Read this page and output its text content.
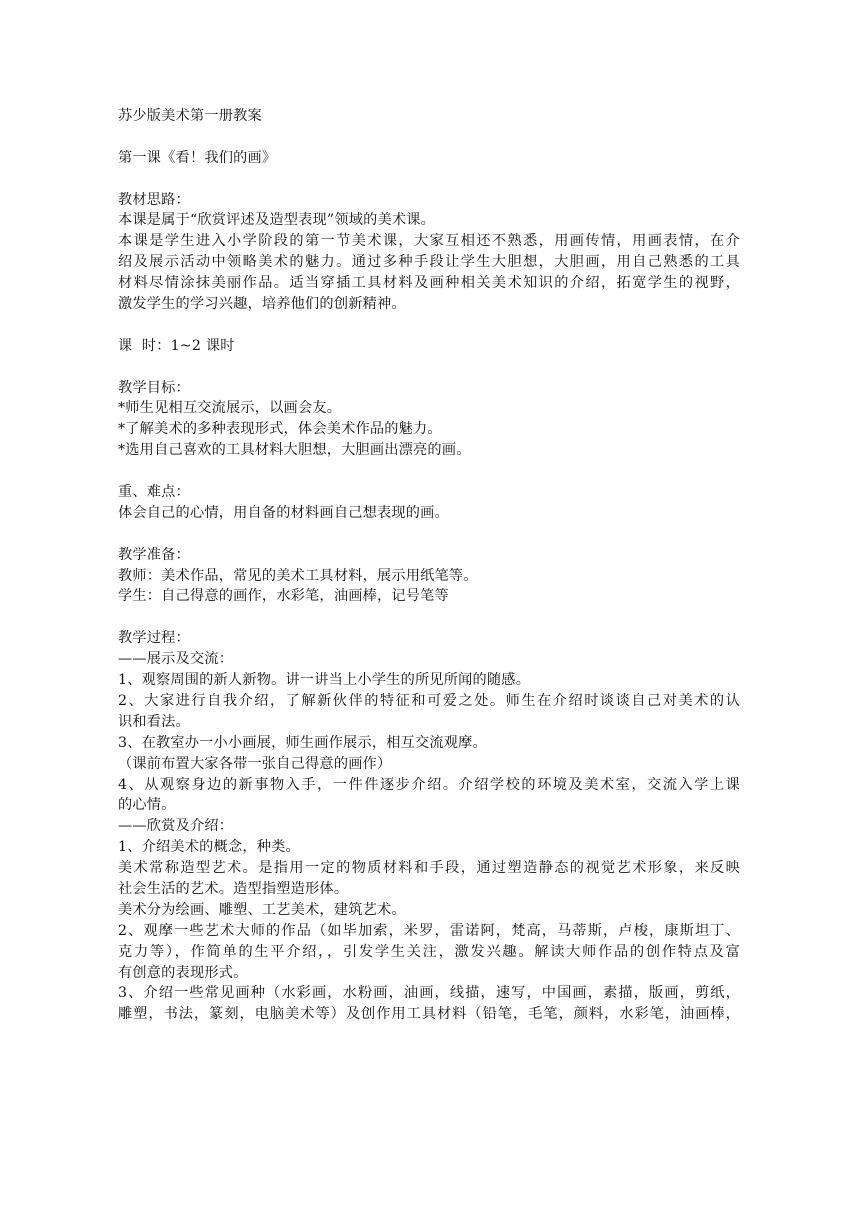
苏少版美术第一册教案
第一课《看！我们的画》
教材思路：
本课是属于“欣赏评述及造型表现”领域的美术课。
本课是学生进入小学阶段的第一节美术课，大家互相还不熟悉，用画传情，用画表情，在介
绍及展示活动中领略美术的魅力。通过多种手段让学生大胆想，大胆画，用自己熟悉的工具
材料尽情涂抹美丽作品。适当穿插工具材料及画种相关美术知识的介绍，拓宽学生的视野，
激发学生的学习兴趣，培养他们的创新精神。
课  时：1~2 课时
教学目标：
*师生见相互交流展示，以画会友。
*了解美术的多种表现形式，体会美术作品的魅力。
*选用自己喜欢的工具材料大胆想，大胆画出漂亮的画。
重、难点：
体会自己的心情，用自备的材料画自己想表现的画。
教学准备：
教师：美术作品，常见的美术工具材料，展示用纸笔等。
学生：自己得意的画作，水彩笔，油画棒，记号笔等
教学过程：
——展示及交流：
1、观察周围的新人新物。讲一讲当上小学生的所见所闻的随感。
2、大家进行自我介绍，了解新伙伴的特征和可爱之处。师生在介绍时谈谈自己对美术的认
识和看法。
3、在教室办一小小画展，师生画作展示，相互交流观摩。
（课前布置大家各带一张自己得意的画作）
4、从观察身边的新事物入手，一件件逐步介绍。介绍学校的环境及美术室，交流入学上课
的心情。
——欣赏及介绍：
1、介绍美术的概念，种类。
美术常称造型艺术。是指用一定的物质材料和手段，通过塑造静态的视觉艺术形象，来反映
社会生活的艺术。造型指塑造形体。
美术分为绘画、雕塑、工艺美术，建筑艺术。
2、观摩一些艺术大师的作品（如毕加索，米罗，雷诺阿，梵高，马蒂斯，卢梭，康斯坦丁、
克力等），作简单的生平介绍，，引发学生关注，激发兴趣。解读大师作品的创作特点及富
有创意的表现形式。
3、介绍一些常见画种（水彩画，水粉画，油画，线描，速写，中国画，素描，版画，剪纸，
雕塑，书法，篆刻，电脑美术等）及创作用工具材料（铅笔，毛笔，颜料，水彩笔，油画棒，
